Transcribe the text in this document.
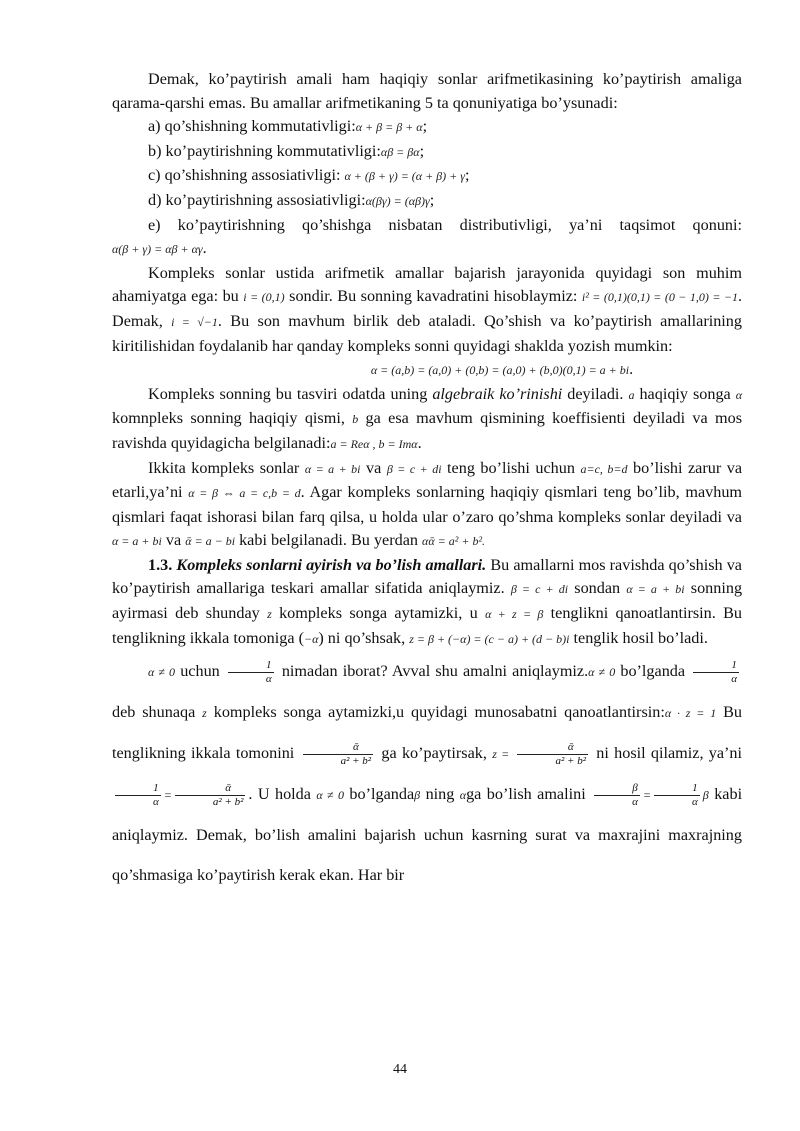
Demak, ko’paytirish amali ham haqiqiy sonlar arifmetikasining ko’paytirish amaliga qarama-qarshi emas. Bu amallar arifmetikaning 5 ta qonuniyatiga bo’ysunadi:

a) qo’shishning kommutativligi:α + β = β + α;

b) ko’paytirishning kommutativligi:αβ = βα;

c) qo’shishning assosiativligi: α + (β + γ) = (α + β) + γ;

d) ko’paytirishning assosiativligi:α(βγ) = (αβ)γ;

e) ko’paytirishning qo’shishga nisbatan distributivligi, ya’ni taqsimot qonuni: α(β + γ) = αβ + αγ.

Kompleks sonlar ustida arifmetik amallar bajarish jarayonida quyidagi son muhim ahamiyatga ega: bu i = (0,1) sondir. Bu sonning kavadratini hisoblaymiz: i² = (0,1)(0,1) = (0 − 1,0) = −1. Demak, i = √−1. Bu son mavhum birlik deb ataladi. Qo’shish va ko’paytirish amallarining kiritilishidan foydalanib har qanday kompleks sonni quyidagi shaklda yozish mumkin:

α = (a,b) = (a,0) + (0,b) = (a,0) + (b,0)(0,1) = a + bi.

Kompleks sonning bu tasviri odatda uning algebraik ko’rinishi deyiladi. a haqiqiy songa α komnpleks sonning haqiqiy qismi, b ga esa mavhum qismining koeffisienti deyiladi va mos ravishda quyidagicha belgilanadi:a = Reα , b = Imα.

Ikkita kompleks sonlar α = a + bi va β = c + di teng bo’lishi uchun a=c, b=d bo’lishi zarur va etarli,ya’ni α = β ⇔ a = c,b = d. Agar kompleks sonlarning haqiqiy qismlari teng bo’lib, mavhum qismlari faqat ishorasi bilan farq qilsa, u holda ular o’zaro qo’shma kompleks sonlar deyiladi va α = a + bi va ᾱ = a − bi kabi belgilanadi. Bu yerdan αᾱ = a² + b².

1.3. Kompleks sonlarni ayirish va bo’lish amallari. Bu amallarni mos ravishda qo’shish va ko’paytirish amallariga teskari amallar sifatida aniqlaymiz. β = c + di sondan α = a + bi sonning ayirmasi deb shunday z kompleks songa aytamizki, u α + z = β tenglikni qanoatlantirsin. Bu tenglikning ikkala tomoniga (−α) ni qo’shsak, z = β + (−α) = (c − a) + (d − b)i tenglik hosil bo’ladi.

α ≠ 0 uchun $\frac{1}{\alpha}$ nimadan iborat? Avval shu amalni aniqlaymiz.α ≠ 0 bo’lganda $\frac{1}{\alpha}$
deb shunaqa z kompleks songa aytamizki,u quyidagi munosabatni qanoatlantirsin:α · z = 1 Bu tenglikning ikkala tomonini $\frac{\text{ᾱ}}{\text{a² + b²}}$ ga ko’paytirsak, $z = \frac{\text{ᾱ}}{\text{a² + b²}}$ ni hosil qilamiz, ya’ni
$\frac{1}{\alpha} = \frac{\text{ᾱ}}{\text{a² + b²}}$ . U holda α ≠ 0 bo’lgandaβ ning αga bo’lish amalini $\frac{\beta}{\alpha} = \frac{1}{\alpha}$ β kabi aniqlaymiz. Demak, bo’lish amalini bajarish uchun kasrning surat va maxrajini maxrajning qo’shmasiga ko’paytirish kerak ekan. Har bir

44
